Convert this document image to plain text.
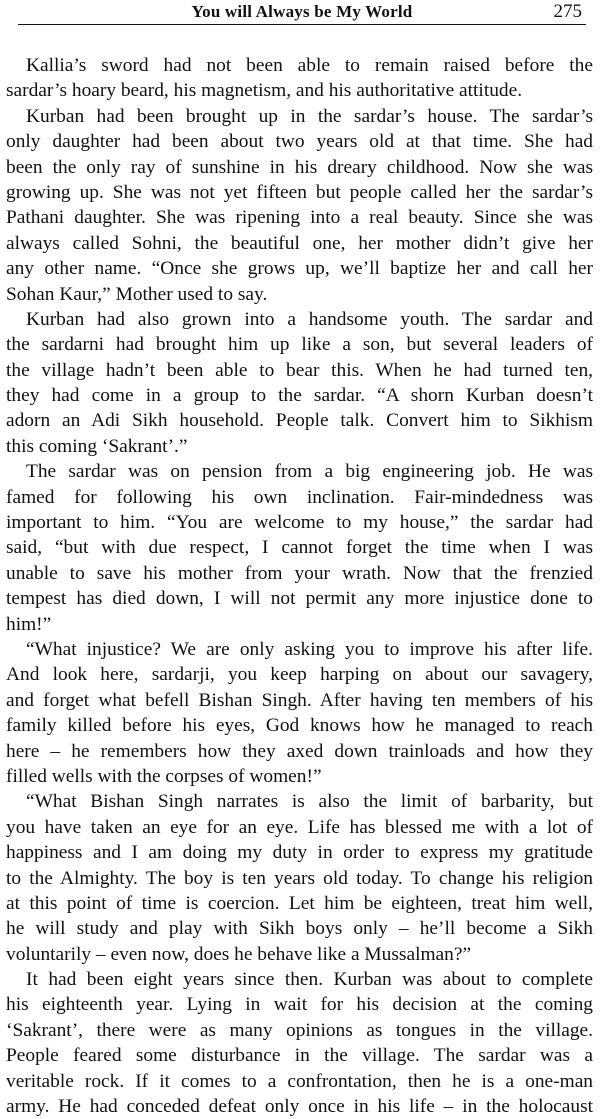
You will Always be My World	275
Kallia’s sword had not been able to remain raised before the
sardar’s hoary beard, his magnetism, and his authoritative attitude.
Kurban had been brought up in the sardar’s house. The sardar’s
only daughter had been about two years old at that time. She had
been the only ray of sunshine in his dreary childhood. Now she was
growing up. She was not yet fifteen but people called her the sardar’s
Pathani daughter. She was ripening into a real beauty. Since she was
always called Sohni, the beautiful one, her mother didn’t give her
any other name. “Once she grows up, we’ll baptize her and call her
Sohan Kaur,” Mother used to say.
Kurban had also grown into a handsome youth. The sardar and
the sardarni had brought him up like a son, but several leaders of
the village hadn’t been able to bear this. When he had turned ten,
they had come in a group to the sardar. “A shorn Kurban doesn’t
adorn an Adi Sikh household. People talk. Convert him to Sikhism
this coming ‘Sakrant’.”
The sardar was on pension from a big engineering job. He was
famed for following his own inclination. Fair-mindedness was
important to him. “You are welcome to my house,” the sardar had
said, “but with due respect, I cannot forget the time when I was
unable to save his mother from your wrath. Now that the frenzied
tempest has died down, I will not permit any more injustice done to
him!”
“What injustice? We are only asking you to improve his after life.
And look here, sardarji, you keep harping on about our savagery,
and forget what befell Bishan Singh. After having ten members of his
family killed before his eyes, God knows how he managed to reach
here – he remembers how they axed down trainloads and how they
filled wells with the corpses of women!”
“What Bishan Singh narrates is also the limit of barbarity, but
you have taken an eye for an eye. Life has blessed me with a lot of
happiness and I am doing my duty in order to express my gratitude
to the Almighty. The boy is ten years old today. To change his religion
at this point of time is coercion. Let him be eighteen, treat him well,
he will study and play with Sikh boys only – he’ll become a Sikh
voluntarily – even now, does he behave like a Mussalman?”
It had been eight years since then. Kurban was about to complete
his eighteenth year. Lying in wait for his decision at the coming
‘Sakrant’, there were as many opinions as tongues in the village.
People feared some disturbance in the village. The sardar was a
veritable rock. If it comes to a confrontation, then he is a one-man
army. He had conceded defeat only once in his life – in the holocaust
